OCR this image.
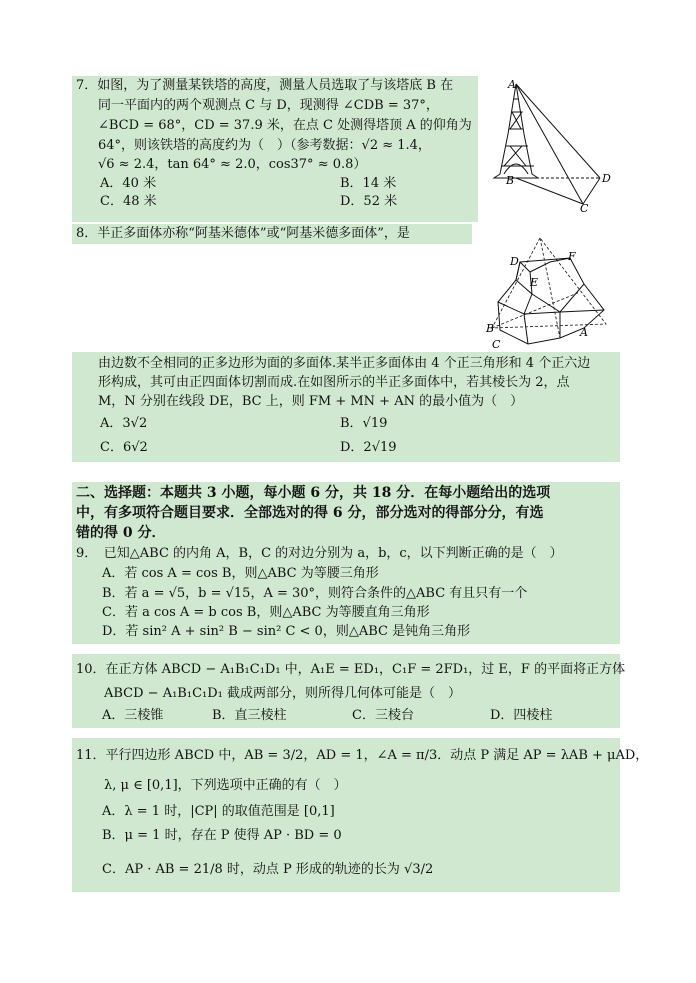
7．如图，为了测量某铁塔的高度，测量人员选取了与该塔底 B 在
同一平面内的两个观测点 C 与 D，现测得 ∠CDB = 37°，
∠BCD = 68°，CD = 37.9 米，在点 C 处测得塔顶 A 的仰角为
64°，则该铁塔的高度约为（　）（参考数据：√2 ≈ 1.4，
√6 ≈ 2.4，tan 64° ≈ 2.0，cos37° ≈ 0.8）
A．40 米	B．14 米
C．48 米	D．52 米
A
B
C
D
8．半正多面体亦称“阿基米德体”或“阿基米德多面体”，是
由边数不全相同的正多边形为面的多面体.某半正多面体由 4 个正三角形和 4 个正六边
形构成，其可由正四面体切割而成.在如图所示的半正多面体中，若其棱长为 2，点
M，N 分别在线段 DE，BC 上，则 FM + MN + AN 的最小值为（　）
A．3√2	B．√19
C．6√2	D．2√19
D	F
E
B
C
A
二、选择题：本题共 3 小题，每小题 6 分，共 18 分．在每小题给出的选项
中，有多项符合题目要求．全部选对的得 6 分，部分选对的得部分分，有选
错的得 0 分．
9．　已知△ABC 的内角 A，B，C 的对边分别为 a，b，c，以下判断正确的是（　）
A．若 cos A = cos B，则△ABC 为等腰三角形
B．若 a = √5，b = √15，A = 30°，则符合条件的△ABC 有且只有一个
C．若 a cos A = b cos B，则△ABC 为等腰直角三角形
D．若 sin² A + sin² B − sin² C < 0，则△ABC 是钝角三角形
10．在正方体 ABCD − A₁B₁C₁D₁ 中，A₁E = ED₁，C₁F = 2FD₁，过 E，F 的平面将正方体
ABCD − A₁B₁C₁D₁ 截成两部分，则所得几何体可能是（　）
A．三棱锥	B．直三棱柱	C．三棱台	D．四棱柱
11．平行四边形 ABCD 中，AB = 3/2，AD = 1，∠A = π/3．动点 P 满足 AP = λAB + μAD，
λ, μ ∈ [0,1]，下列选项中正确的有（　）
A．λ = 1 时，|CP| 的取值范围是 [0,1]
B．μ = 1 时，存在 P 使得 AP · BD = 0
C．AP · AB = 21/8 时，动点 P 形成的轨迹的长为 √3/2
